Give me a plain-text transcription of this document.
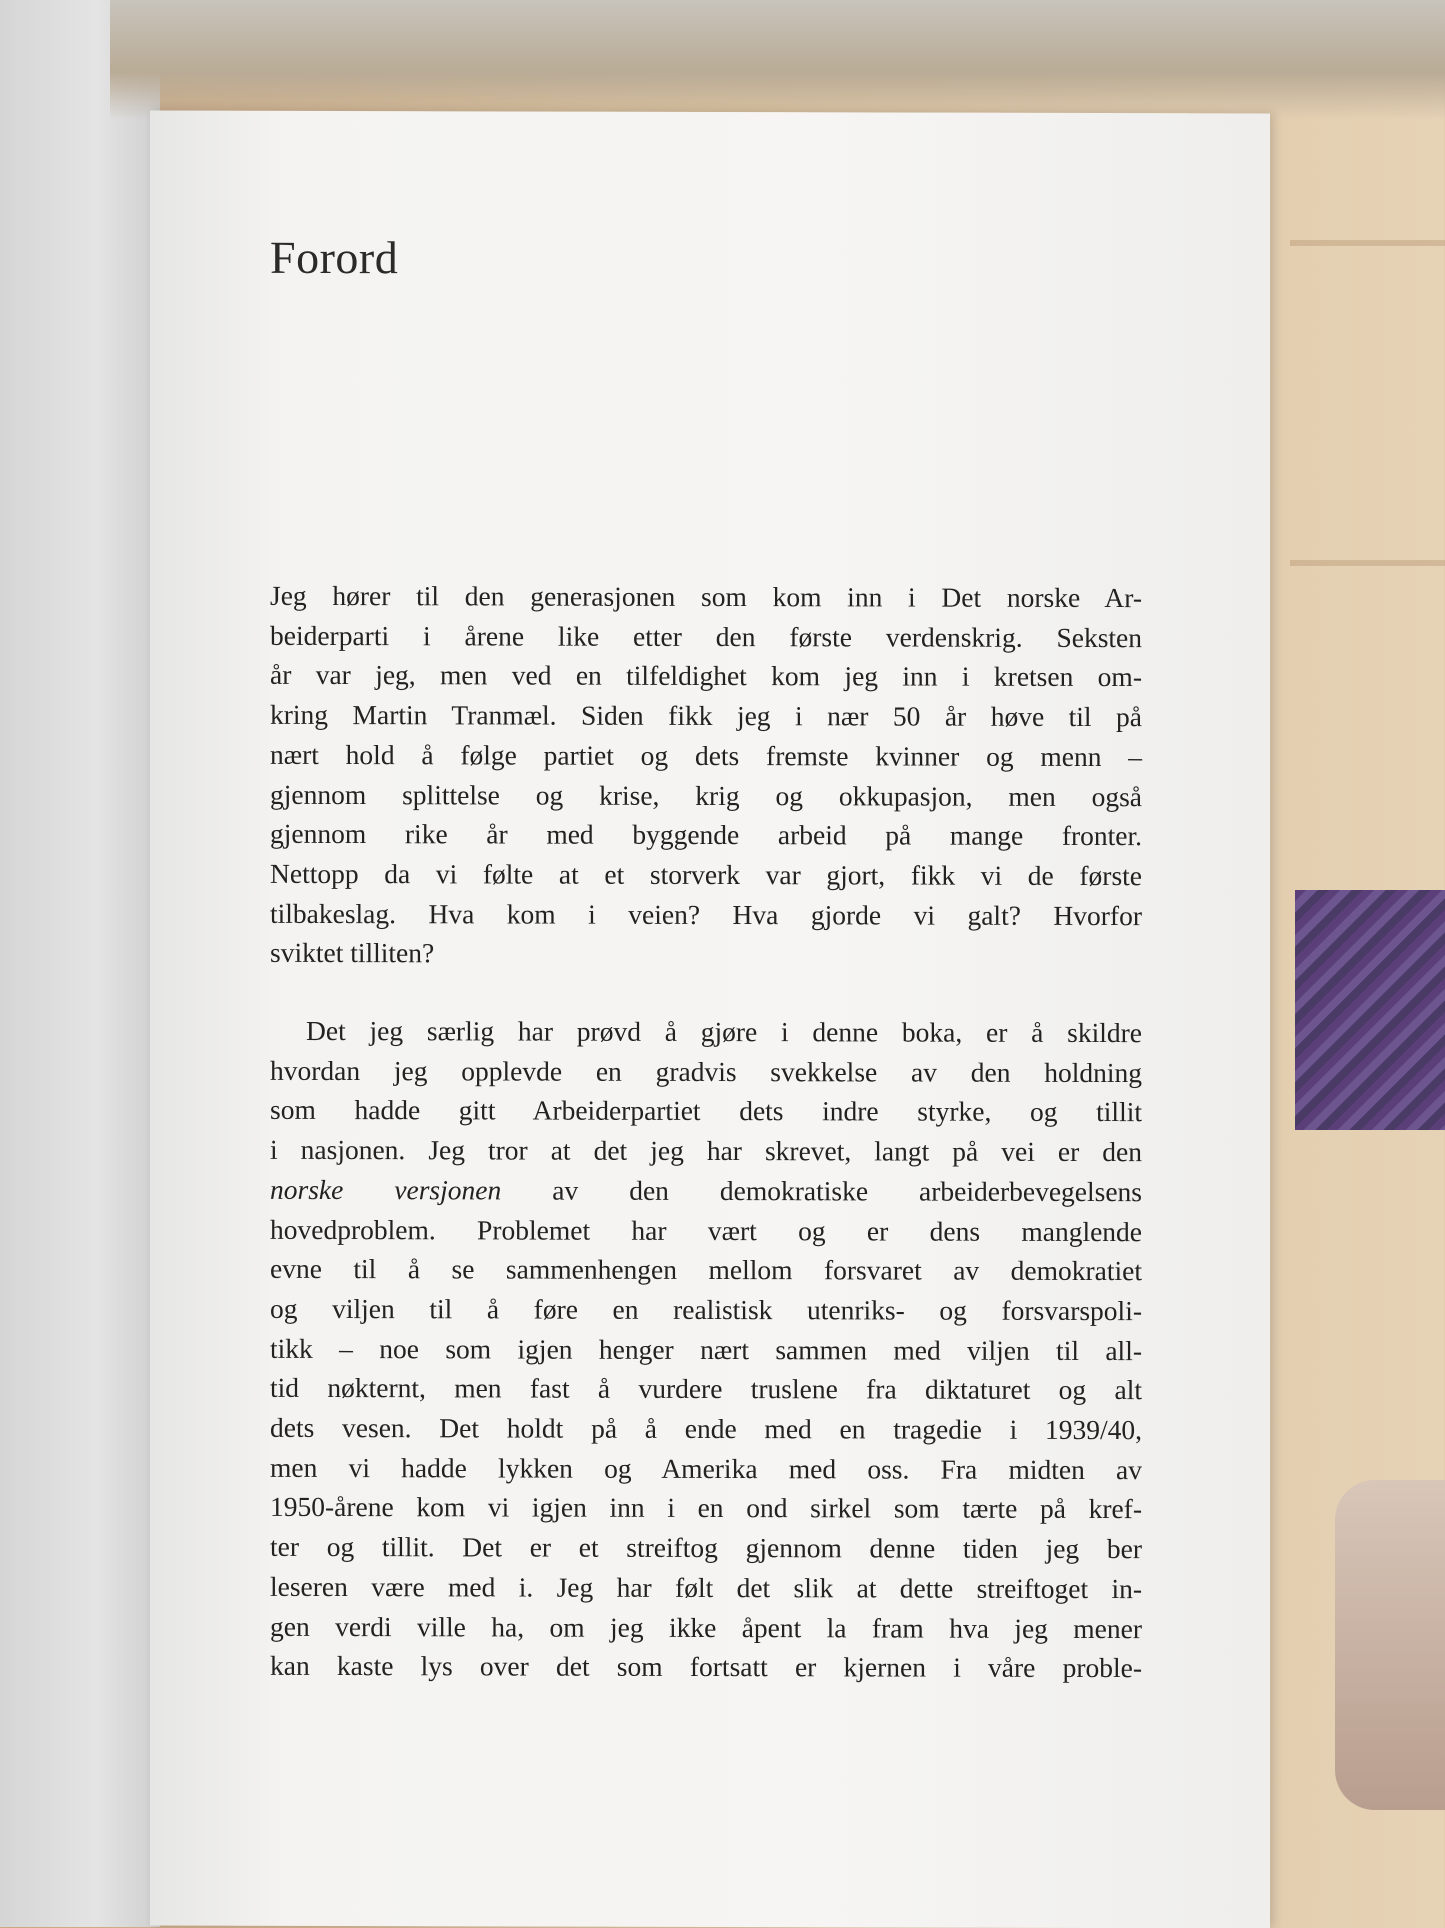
Forord
Jeg hører til den generasjonen som kom inn i Det norske Ar-
beiderparti i årene like etter den første verdenskrig. Seksten
år var jeg, men ved en tilfeldighet kom jeg inn i kretsen om-
kring Martin Tranmæl. Siden fikk jeg i nær 50 år høve til på
nært hold å følge partiet og dets fremste kvinner og menn –
gjennom splittelse og krise, krig og okkupasjon, men også
gjennom rike år med byggende arbeid på mange fronter.
Nettopp da vi følte at et storverk var gjort, fikk vi de første
tilbakeslag. Hva kom i veien? Hva gjorde vi galt? Hvorfor
sviktet tilliten?
Det jeg særlig har prøvd å gjøre i denne boka, er å skildre
hvordan jeg opplevde en gradvis svekkelse av den holdning
som hadde gitt Arbeiderpartiet dets indre styrke, og tillit
i nasjonen. Jeg tror at det jeg har skrevet, langt på vei er den
norske versjonen av den demokratiske arbeiderbevegelsens
hovedproblem. Problemet har vært og er dens manglende
evne til å se sammenhengen mellom forsvaret av demokratiet
og viljen til å føre en realistisk utenriks- og forsvarspoli-
tikk – noe som igjen henger nært sammen med viljen til all-
tid nøkternt, men fast å vurdere truslene fra diktaturet og alt
dets vesen. Det holdt på å ende med en tragedie i 1939/40,
men vi hadde lykken og Amerika med oss. Fra midten av
1950-årene kom vi igjen inn i en ond sirkel som tærte på kref-
ter og tillit. Det er et streiftog gjennom denne tiden jeg ber
leseren være med i. Jeg har følt det slik at dette streiftoget in-
gen verdi ville ha, om jeg ikke åpent la fram hva jeg mener
kan kaste lys over det som fortsatt er kjernen i våre proble-
